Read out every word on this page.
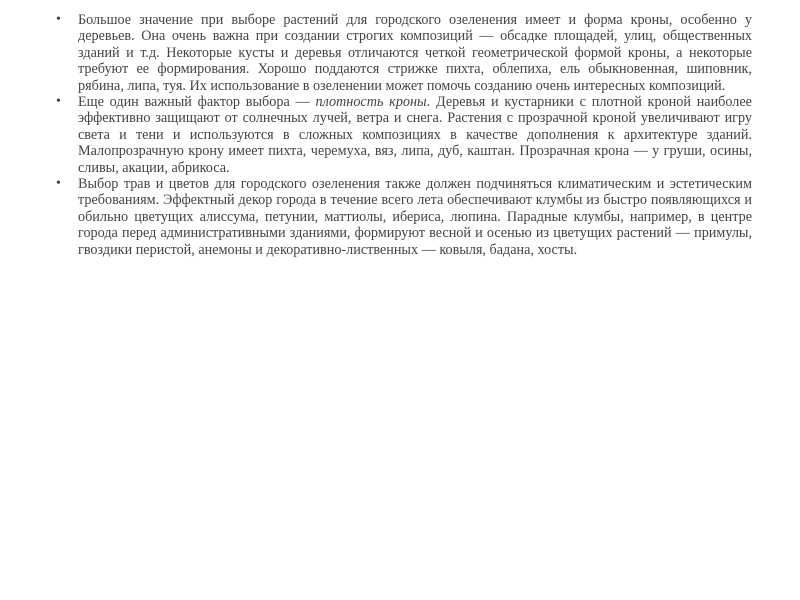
•	Большое значение при выборе растений для городского озеленения имеет и форма кроны, особенно у деревьев. Она очень важна при создании строгих композиций — обсадке площадей, улиц, общественных зданий и т.д. Некоторые кусты и деревья отличаются четкой геометрической формой кроны, а некоторые требуют ее формирования. Хорошо поддаются стрижке пихта, облепиха, ель обыкновенная, шиповник, рябина, липа, туя. Их использование в озеленении может помочь созданию очень интересных композиций.
•	Еще один важный фактор выбора — плотность кроны. Деревья и кустарники с плотной кроной наиболее эффективно защищают от солнечных лучей, ветра и снега. Растения с прозрачной кроной увеличивают игру света и тени и используются в сложных композициях в качестве дополнения к архитектуре зданий. Малопрозрачную крону имеет пихта, черемуха, вяз, липа, дуб, каштан. Прозрачная крона — у груши, осины, сливы, акации, абрикоса.
•	Выбор трав и цветов для городского озеленения также должен подчиняться климатическим и эстетическим требованиям. Эффектный декор города в течение всего лета обеспечивают клумбы из быстро появляющихся и обильно цветущих алиссума, петунии, маттиолы, ибериса, люпина. Парадные клумбы, например, в центре города перед административными зданиями, формируют весной и осенью из цветущих растений — примулы, гвоздики перистой, анемоны и декоративно-лиственных — ковыля, бадана, хосты.
